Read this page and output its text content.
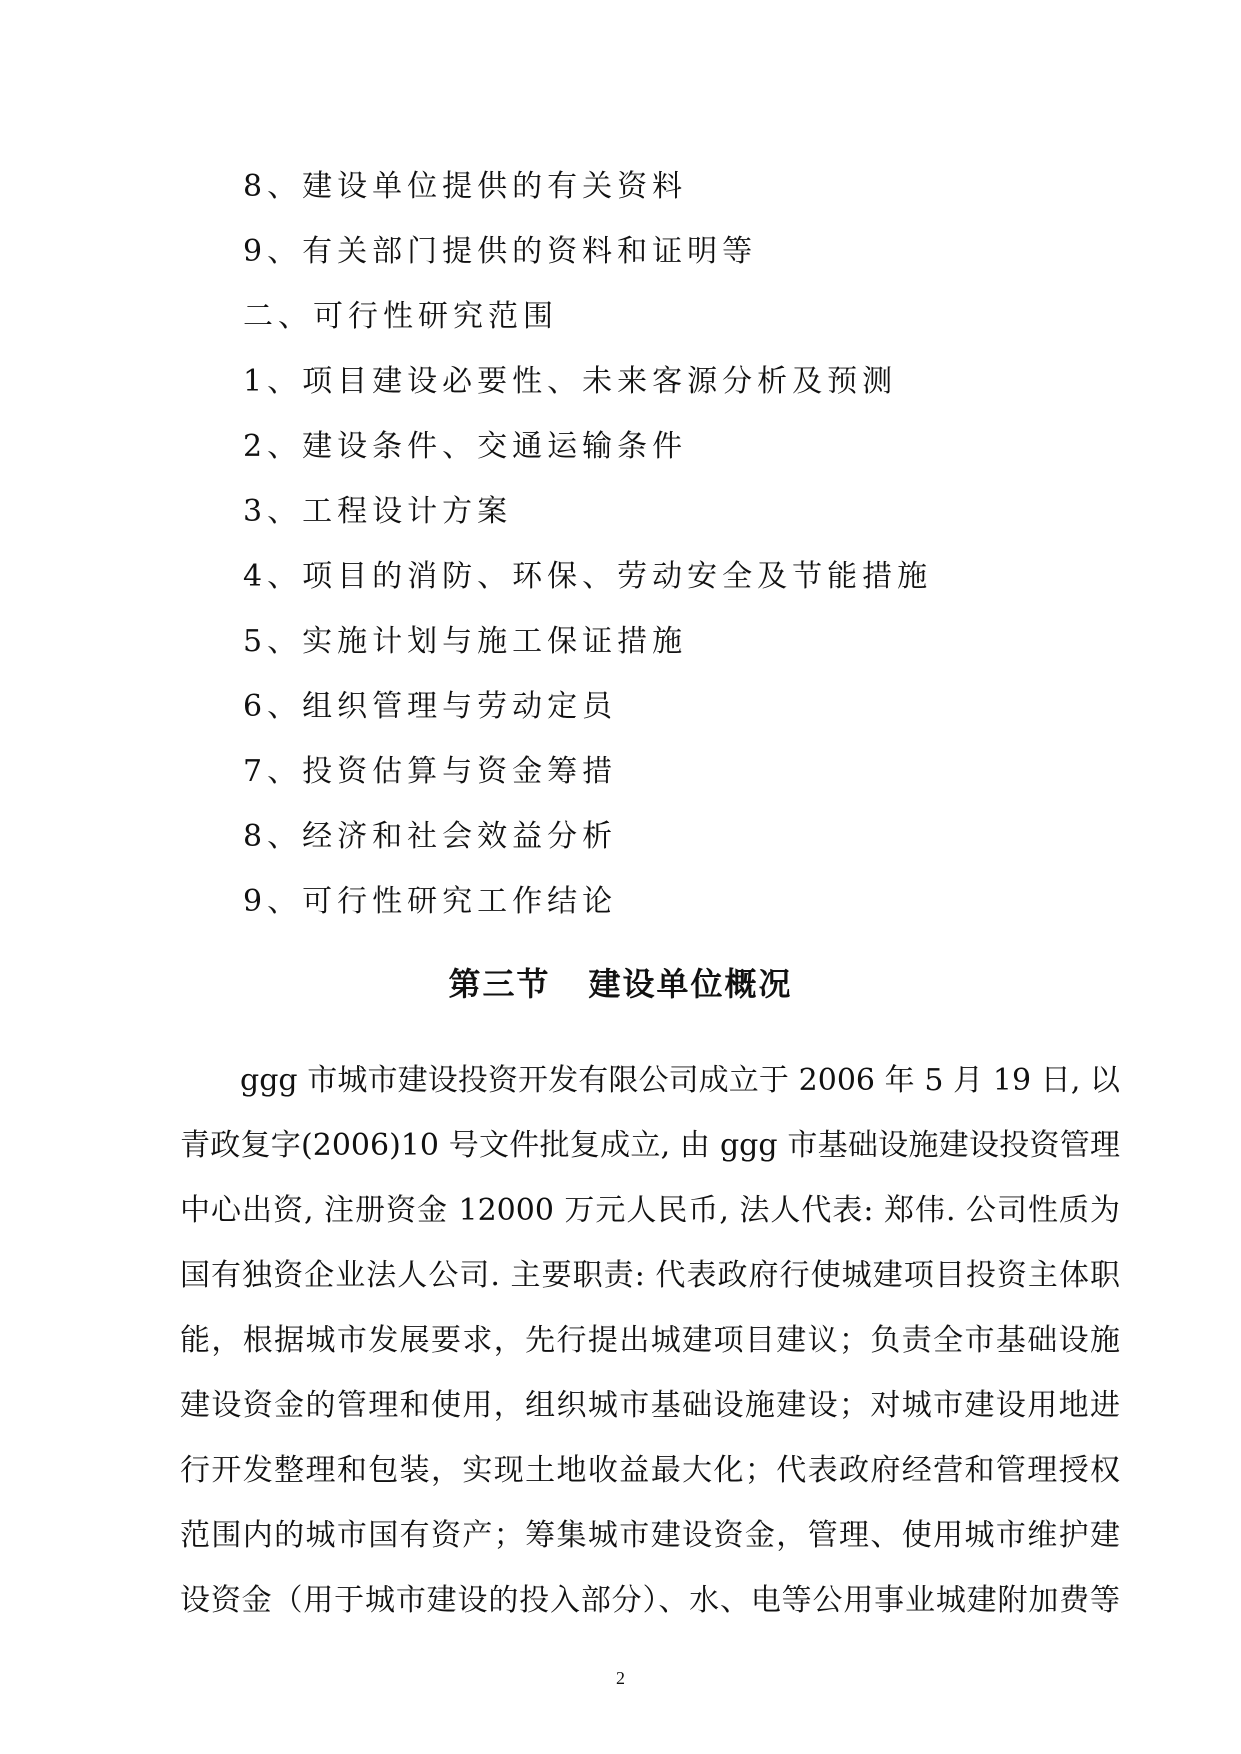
8、建设单位提供的有关资料
9、有关部门提供的资料和证明等
二、可行性研究范围
1、项目建设必要性、未来客源分析及预测
2、建设条件、交通运输条件
3、工程设计方案
4、项目的消防、环保、劳动安全及节能措施
5、实施计划与施工保证措施
6、组织管理与劳动定员
7、投资估算与资金筹措
8、经济和社会效益分析
9、可行性研究工作结论
第三节 建设单位概况
ggg 市城市建设投资开发有限公司成立于 2006 年 5 月 19 日, 以
青政复字(2006)10 号文件批复成立, 由 ggg 市基础设施建设投资管理
中心出资, 注册资金 12000 万元人民币, 法人代表: 郑伟. 公司性质为
国有独资企业法人公司. 主要职责: 代表政府行使城建项目投资主体职
能，根据城市发展要求，先行提出城建项目建议；负责全市基础设施
建设资金的管理和使用，组织城市基础设施建设；对城市建设用地进
行开发整理和包装，实现土地收益最大化；代表政府经营和管理授权
范围内的城市国有资产；筹集城市建设资金，管理、使用城市维护建
设资金（用于城市建设的投入部分）、水、电等公用事业城建附加费等
2
